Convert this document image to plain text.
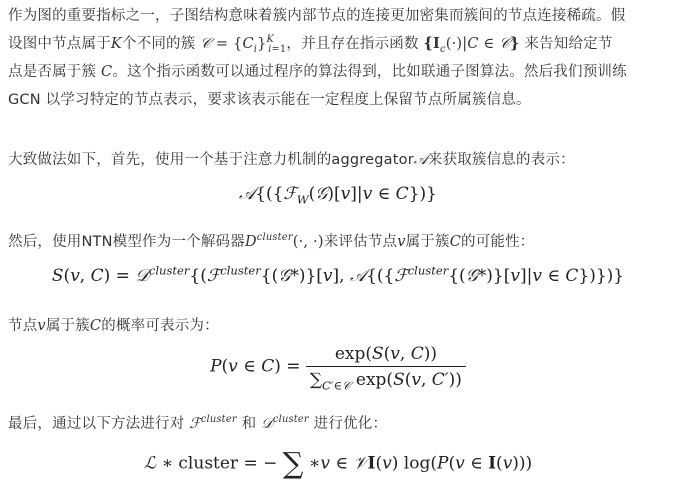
作为图的重要指标之一，子图结构意味着簇内部节点的连接更加密集而簇间的节点连接稀疏。假
设图中节点属于K个不同的簇 𝒞 = $\{C_i\}^K_{i=1}$，并且存在指示函数 {$I_c(\cdot)|C$ ∈ 𝒞} 来告知给定节
点是否属于簇 C。这个指示函数可以通过程序的算法得到，比如联通子图算法。然后我们预训练
GCN 以学习特定的节点表示，要求该表示能在一定程度上保留节点所属簇信息。
大致做法如下，首先，使用一个基于注意力机制的aggregator𝒜来获取簇信息的表示：
𝒜{({ℱ$_W$(𝒢)[v]|v ∈ C})}
然后，使用NTN模型作为一个解码器$D^{cluster}(\cdot$, ·)来评估节点v属于簇C的可能性：
S(v, C) = 𝒟$^{cluster}${(ℱ$^{cluster}${(𝒢*)}[v], 𝒜{({ℱ$^{cluster}${(𝒢*)}[v]|v ∈ C})})}
节点v属于簇C的概率可表示为：
P(v ∈ $C) = \frac{\exp(S(v, C))}{\sum_{C'\in 𝒞} \exp(S(v, C'))}$
最后，通过以下方法进行对 ℱ$^{cluster}$ 和 𝒟$^{cluster}$ 进行优化：
ℒ ∗ cluster = − ∑ ∗v ∈ 𝒱I(v) log(P(v ∈ I(v)))
